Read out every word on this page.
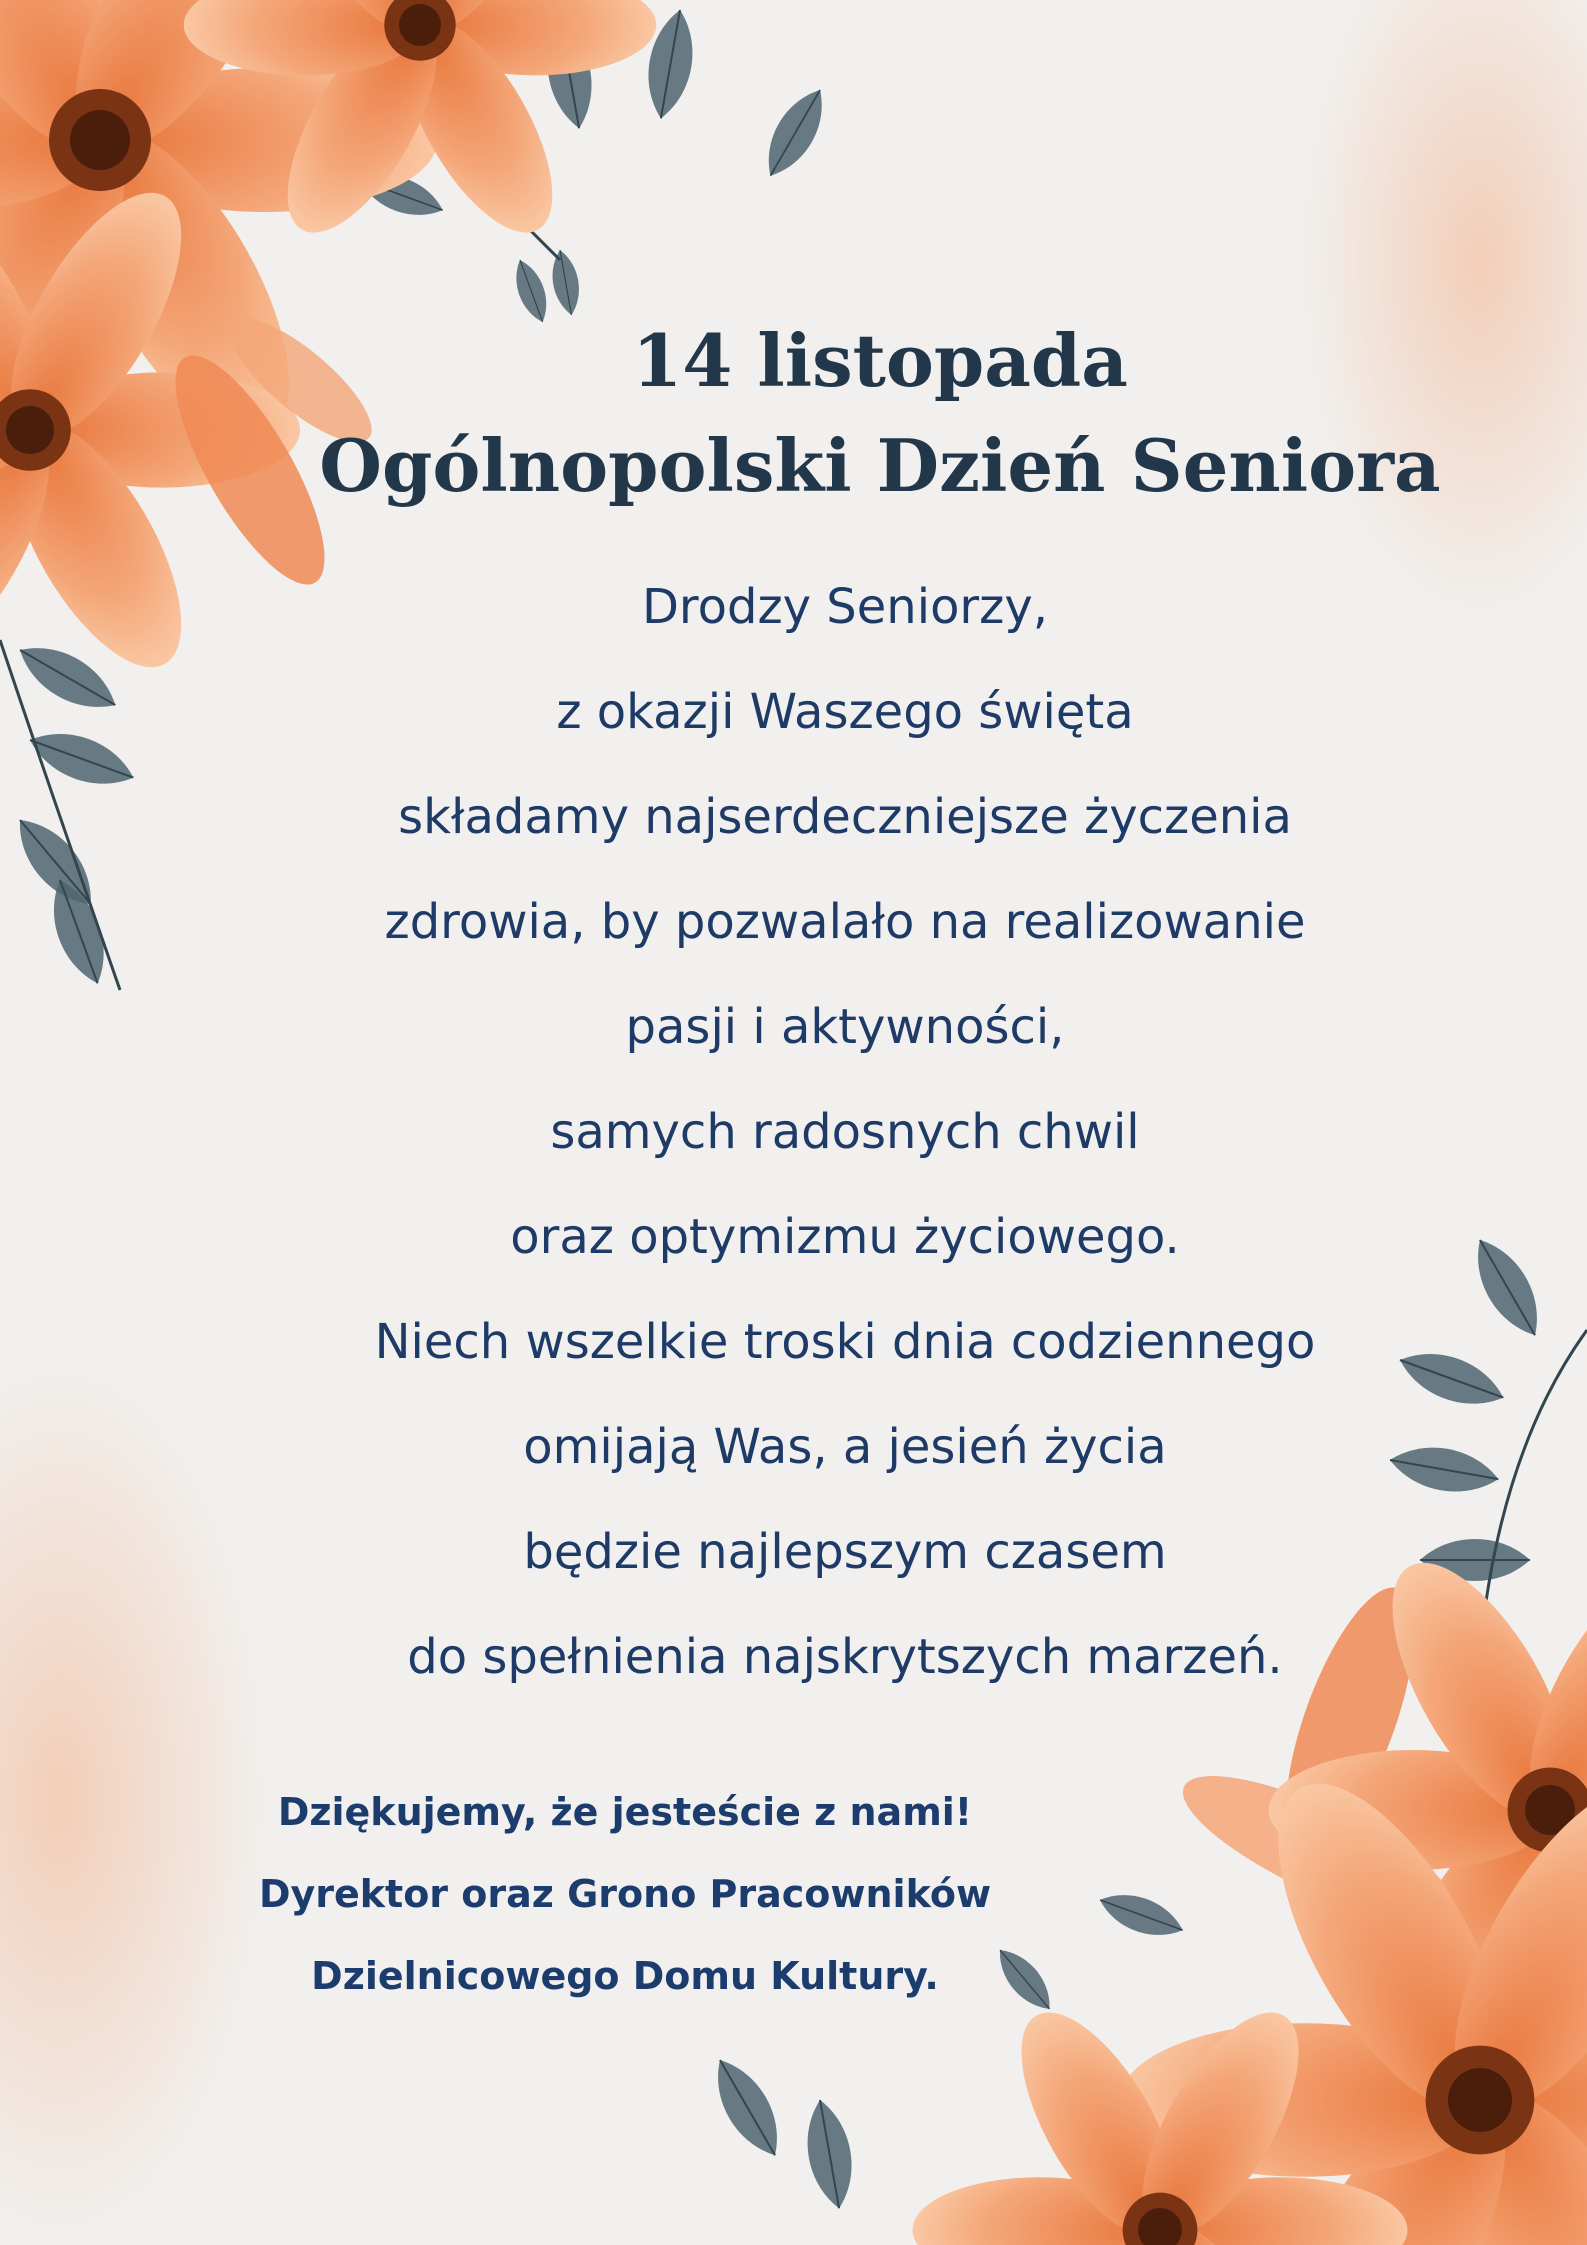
14 listopada
Ogólnopolski Dzień Seniora
Drodzy Seniorzy,
z okazji Waszego święta
składamy najserdeczniejsze życzenia
zdrowia, by pozwalało na realizowanie
pasji i aktywności,
samych radosnych chwil
oraz optymizmu życiowego.
Niech wszelkie troski dnia codziennego
omijają Was, a jesień życia
będzie najlepszym czasem
do spełnienia najskrytszych marzeń.
Dziękujemy, że jesteście z nami!
Dyrektor oraz Grono Pracowników
Dzielnicowego Domu Kultury.
